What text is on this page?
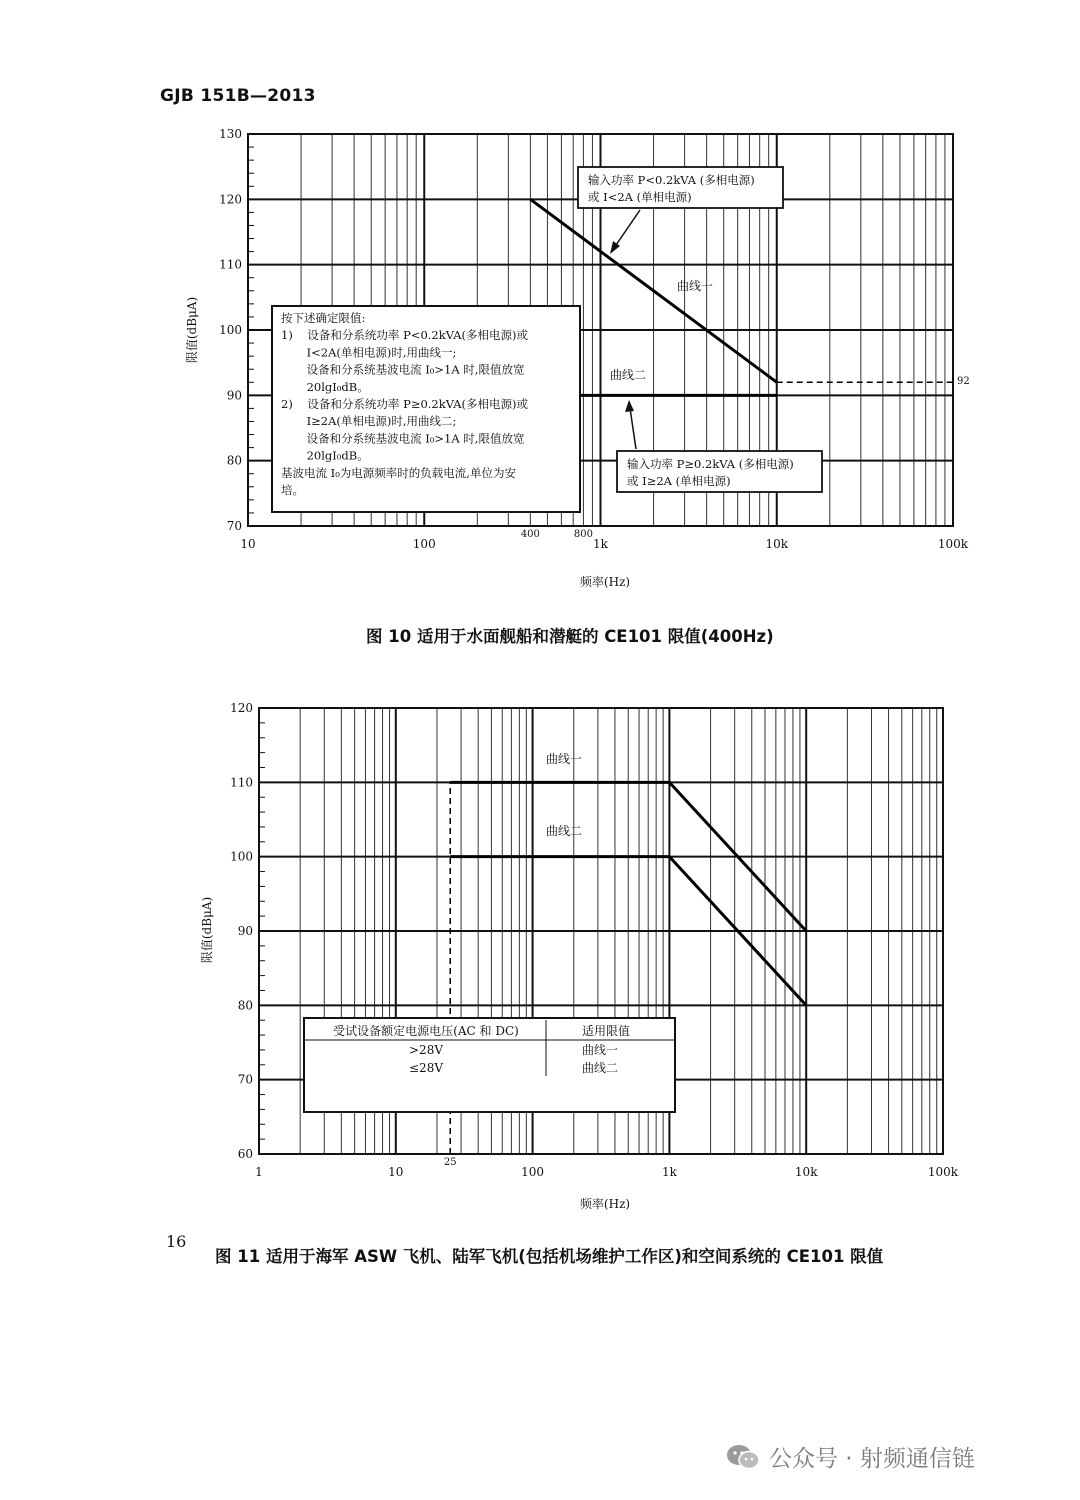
GJB 151B—2013
70
80
90
100
110
120
130
10	100	1k	10k	100k
400	800
按下述确定限值:
1)    设备和分系统功率 P<0.2kVA(多相电源)或
I<2A(单相电源)时,用曲线一;
设备和分系统基波电流 I₀>1A 时,限值放宽
20lgI₀dB。
2)    设备和分系统功率 P≥0.2kVA(多相电源)或
I≥2A(单相电源)时,用曲线二;
设备和分系统基波电流 I₀>1A 时,限值放宽
20lgI₀dB。
基波电流 I₀为电源频率时的负载电流,单位为安
培。
输入功率 P<0.2kVA (多相电源)
或 I<2A (单相电源)
输入功率 P≥0.2kVA (多相电源)
或 I≥2A (单相电源)
曲线一
曲线二	92
限值(dBμA)
频率(Hz)
图 10 适用于水面舰船和潜艇的 CE101 限值(400Hz)
60
70
80
90
100
110
120
1	10	100	1k	10k	100k
25
曲线一
曲线二
受试设备额定电源电压(AC 和 DC)	适用限值
>28V	曲线一
≤28V	曲线二
限值(dBμA)
频率(Hz)
图 11 适用于海军 ASW 飞机、陆军飞机(包括机场维护工作区)和空间系统的 CE101 限值
16
公众号 · 射频通信链
